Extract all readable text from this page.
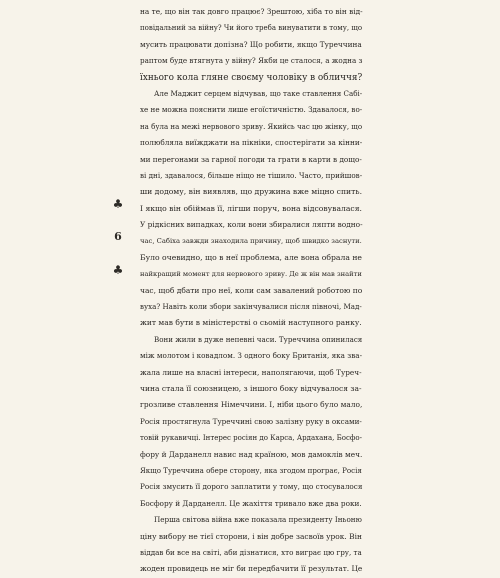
♣
6
♣
на те, що він так довго працює? Зрештою, хіба то він від-
повідальний за війну? Чи його треба винуватити в тому, що
мусить працювати допізна? Що робити, якщо Туреччина
раптом буде втягнута у війну? Якби це сталося, а жодна з
їхнього кола гляне своєму чоловіку в обличчя?
Але Маджит серцем відчував, що таке ставлення Сабі-
хе не можна пояснити лише егоїстичністю. Здавалося, во-
на була на межі нервового зриву. Якийсь час цю жінку, що
полюбляла виїжджати на пікніки, спостерігати за кінни-
ми перегонами за гарної погоди та грати в карти в дощо-
ві дні, здавалося, більше ніщо не тішило. Часто, прийшов-
ши додому, він виявляв, що дружина вже міцно спить.
І якщо він обіймав її, лігши поруч, вона відсовувалася.
У рідкісних випадках, коли вони збиралися ляпти водно-
час, Сабіха завжди знаходила причину, щоб швидко заснути.
Було очевидно, що в неї проблема, але вона обрала не
найкращий момент для нервового зриву. Де ж він мав знайти
час, щоб дбати про неї, коли сам завалений роботою по
вуха? Навіть коли збори закінчувалися після півночі, Мад-
жит мав бути в міністерстві о сьомій наступного ранку.
Вони жили в дуже непевні часи. Туреччина опинилася
між молотом і ковадлом. З одного боку Британія, яка зва-
жала лише на власні інтереси, наполягаючи, щоб Туреч-
чина стала її союзницею, з іншого боку відчувалося за-
грозливе ставлення Німеччини. І, ніби цього було мало,
Росія простягнула Туреччині свою залізну руку в оксами-
товій рукавичці. Інтерес росіян до Карса, Ардахана, Босфо-
фору й Дарданелл навис над країною, мов дамоклів меч.
Якщо Туреччина обере сторону, яка згодом програє, Росія
Росія змусить її дорого заплатити у тому, що стосувалося
Босфору й Дарданелл. Це жахіття тривало вже два роки.
Перша світова війна вже показала президенту Іньоню
ціну вибору не тієї сторони, і він добре засвоїв урок. Він
віддав би все на світі, аби дізнатися, хто виграє цю гру, та
жоден провидець не міг би передбачити її результат. Це
